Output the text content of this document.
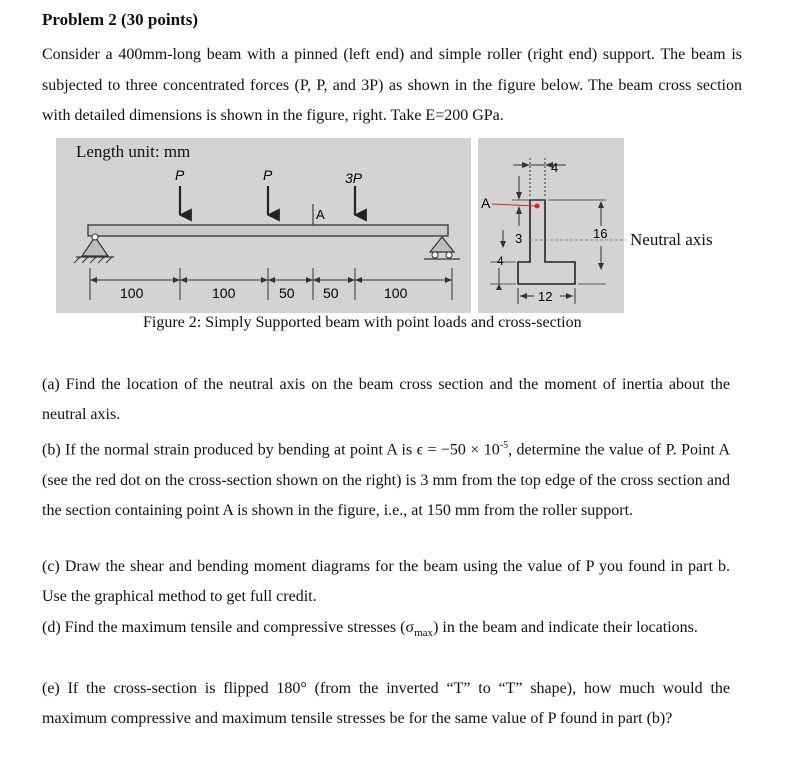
Problem 2 (30 points)

Consider a 400mm-long beam with a pinned (left end) and simple roller (right end) support. The beam is subjected to three concentrated forces (P, P, and 3P) as shown in the figure below. The beam cross section with detailed dimensions is shown in the figure, right. Take E=200 GPa.

Length unit: mm
P	P	3P
A
100	100	50 50	100
4
A
3
4
16
12
Neutral axis
Figure 2: Simply Supported beam with point loads and cross-section

(a) Find the location of the neutral axis on the beam cross section and the moment of inertia about the neutral axis.

(b) If the normal strain produced by bending at point A is $\epsilon = -50 \times 10^{-5}$, determine the value of P. Point A (see the red dot on the cross-section shown on the right) is 3 mm from the top edge of the cross section and the section containing point A is shown in the figure, i.e., at 150 mm from the roller support.

(c) Draw the shear and bending moment diagrams for the beam using the value of P you found in part b. Use the graphical method to get full credit.

(d) Find the maximum tensile and compressive stresses $(\sigma_{max})$ in the beam and indicate their locations.

(e) If the cross-section is flipped 180° (from the inverted “T” to “T” shape), how much would the maximum compressive and maximum tensile stresses be for the same value of P found in part (b)?
